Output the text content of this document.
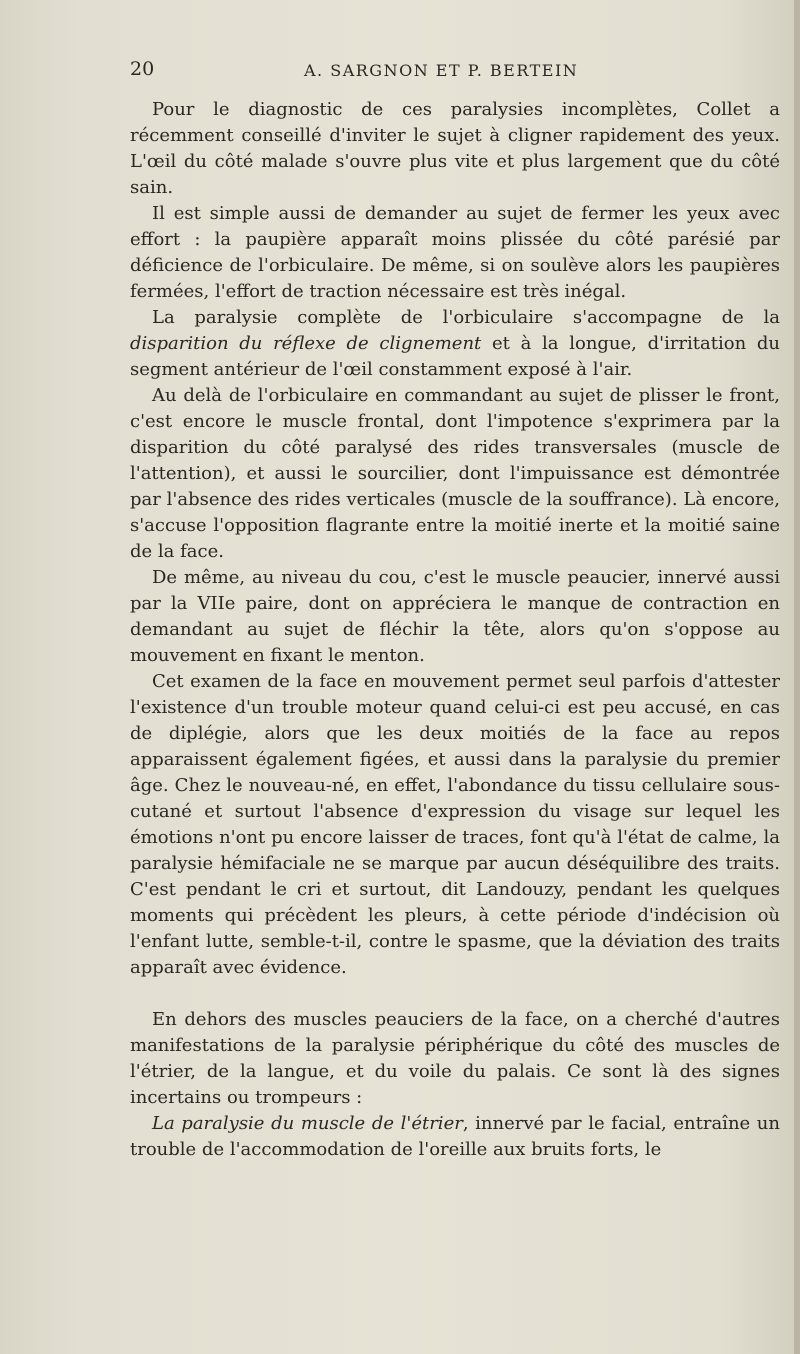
20	A. SARGNON ET P. BERTEIN

Pour le diagnostic de ces paralysies incomplètes, Collet a récemment conseillé d'inviter le sujet à cligner rapidement des yeux. L'œil du côté malade s'ouvre plus vite et plus largement que du côté sain.

Il est simple aussi de demander au sujet de fermer les yeux avec effort : la paupière apparaît moins plissée du côté parésié par déficience de l'orbiculaire. De même, si on soulève alors les paupières fermées, l'effort de traction nécessaire est très inégal.

La paralysie complète de l'orbiculaire s'accompagne de la disparition du réflexe de clignement et à la longue, d'irritation du segment antérieur de l'œil constamment exposé à l'air.

Au delà de l'orbiculaire en commandant au sujet de plisser le front, c'est encore le muscle frontal, dont l'impotence s'exprimera par la disparition du côté paralysé des rides transversales (muscle de l'attention), et aussi le sourcilier, dont l'impuissance est démontrée par l'absence des rides verticales (muscle de la souffrance). Là encore, s'accuse l'opposition flagrante entre la moitié inerte et la moitié saine de la face.

De même, au niveau du cou, c'est le muscle peaucier, innervé aussi par la VIIe paire, dont on appréciera le manque de contraction en demandant au sujet de fléchir la tête, alors qu'on s'oppose au mouvement en fixant le menton.

Cet examen de la face en mouvement permet seul parfois d'attester l'existence d'un trouble moteur quand celui-ci est peu accusé, en cas de diplégie, alors que les deux moitiés de la face au repos apparaissent également figées, et aussi dans la paralysie du premier âge. Chez le nouveau-né, en effet, l'abondance du tissu cellulaire sous-cutané et surtout l'absence d'expression du visage sur lequel les émotions n'ont pu encore laisser de traces, font qu'à l'état de calme, la paralysie hémifaciale ne se marque par aucun déséquilibre des traits. C'est pendant le cri et surtout, dit Landouzy, pendant les quelques moments qui précèdent les pleurs, à cette période d'indécision où l'enfant lutte, semble-t-il, contre le spasme, que la déviation des traits apparaît avec évidence.

En dehors des muscles peauciers de la face, on a cherché d'autres manifestations de la paralysie périphérique du côté des muscles de l'étrier, de la langue, et du voile du palais. Ce sont là des signes incertains ou trompeurs :

La paralysie du muscle de l'étrier, innervé par le facial, entraîne un trouble de l'accommodation de l'oreille aux bruits forts, le
